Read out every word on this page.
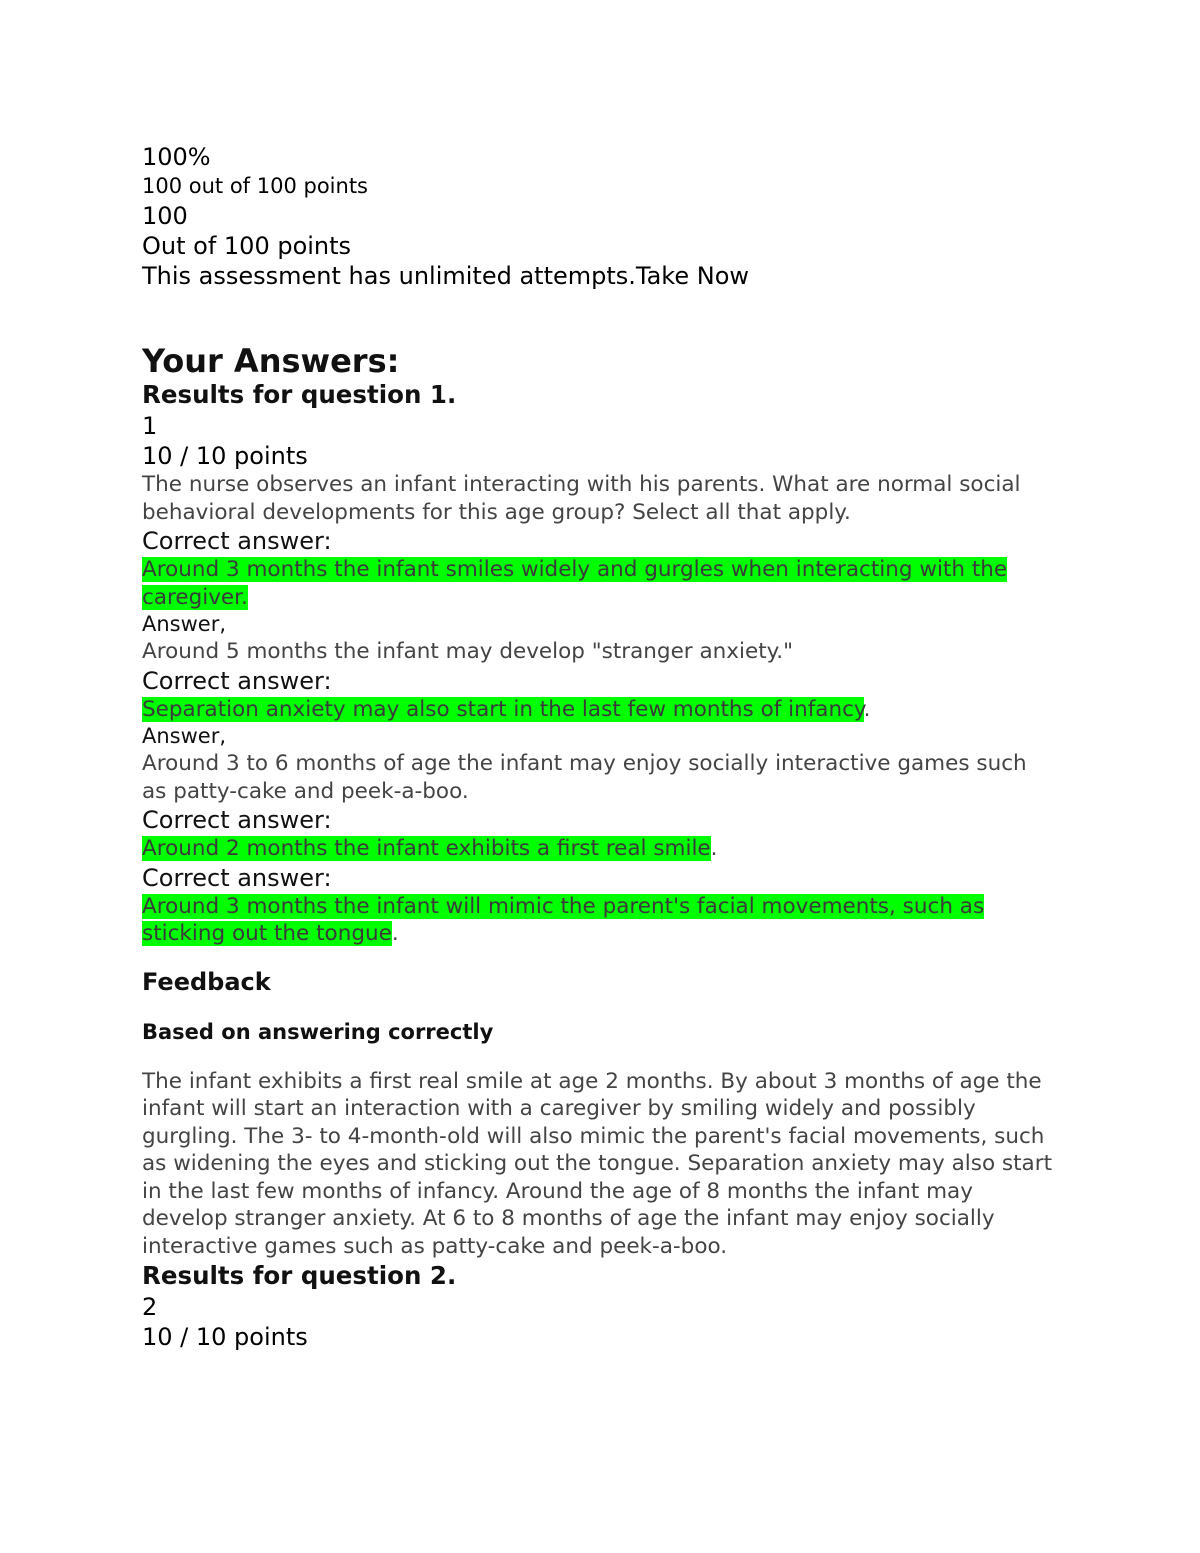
100%
100 out of 100 points
100
Out of 100 points
This assessment has unlimited attempts.Take Now
Your Answers:
Results for question 1.
1
10 / 10 points
The nurse observes an infant interacting with his parents. What are normal social behavioral developments for this age group? Select all that apply.
Correct answer:
Around 3 months the infant smiles widely and gurgles when interacting with the caregiver.
Answer,
Around 5 months the infant may develop "stranger anxiety."
Correct answer:
Separation anxiety may also start in the last few months of infancy.
Answer,
Around 3 to 6 months of age the infant may enjoy socially interactive games such as patty-cake and peek-a-boo.
Correct answer:
Around 2 months the infant exhibits a first real smile.
Correct answer:
Around 3 months the infant will mimic the parent's facial movements, such as sticking out the tongue.
Feedback
Based on answering correctly
The infant exhibits a first real smile at age 2 months. By about 3 months of age the infant will start an interaction with a caregiver by smiling widely and possibly gurgling. The 3- to 4-month-old will also mimic the parent's facial movements, such as widening the eyes and sticking out the tongue. Separation anxiety may also start in the last few months of infancy. Around the age of 8 months the infant may develop stranger anxiety. At 6 to 8 months of age the infant may enjoy socially interactive games such as patty-cake and peek-a-boo.
Results for question 2.
2
10 / 10 points
